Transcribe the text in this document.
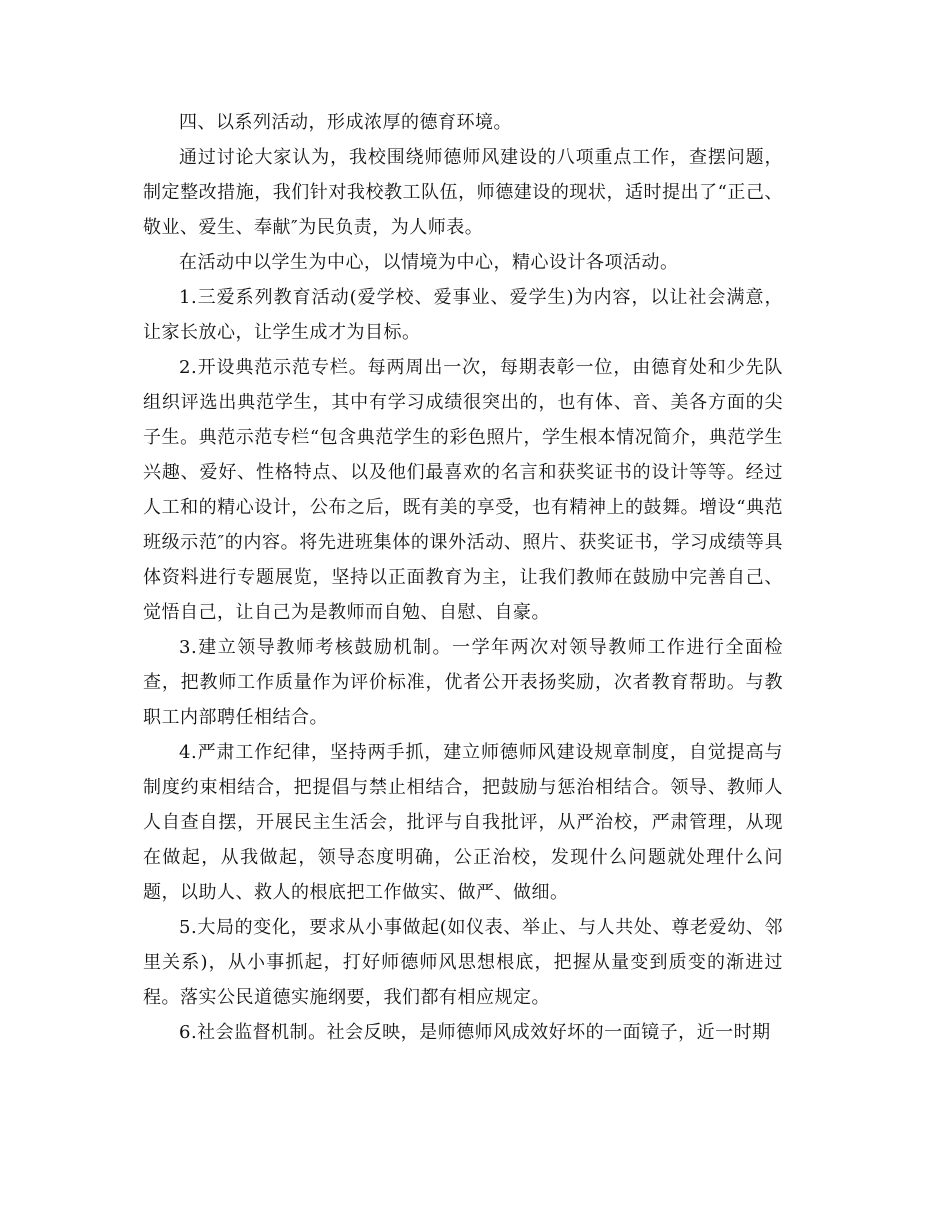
四、以系列活动，形成浓厚的德育环境。

通过讨论大家认为，我校围绕师德师风建设的八项重点工作，查摆问题，制定整改措施，我们针对我校教工队伍，师德建设的现状，适时提出了“正己、敬业、爱生、奉献″为民负责，为人师表。

在活动中以学生为中心，以情境为中心，精心设计各项活动。

1.三爱系列教育活动(爱学校、爱事业、爱学生)为内容，以让社会满意，让家长放心，让学生成才为目标。

2.开设典范示范专栏。每两周出一次，每期表彰一位，由德育处和少先队组织评选出典范学生，其中有学习成绩很突出的，也有体、音、美各方面的尖子生。典范示范专栏“包含典范学生的彩色照片，学生根本情况简介，典范学生兴趣、爱好、性格特点、以及他们最喜欢的名言和获奖证书的设计等等。经过人工和的精心设计，公布之后，既有美的享受，也有精神上的鼓舞。增设“典范班级示范″的内容。将先进班集体的课外活动、照片、获奖证书，学习成绩等具体资料进行专题展览，坚持以正面教育为主，让我们教师在鼓励中完善自己、觉悟自己，让自己为是教师而自勉、自慰、自豪。

3.建立领导教师考核鼓励机制。一学年两次对领导教师工作进行全面检查，把教师工作质量作为评价标准，优者公开表扬奖励，次者教育帮助。与教职工内部聘任相结合。

4.严肃工作纪律，坚持两手抓，建立师德师风建设规章制度，自觉提高与制度约束相结合，把提倡与禁止相结合，把鼓励与惩治相结合。领导、教师人人自查自摆，开展民主生活会，批评与自我批评，从严治校，严肃管理，从现在做起，从我做起，领导态度明确，公正治校，发现什么问题就处理什么问题，以助人、救人的根底把工作做实、做严、做细。

5.大局的变化，要求从小事做起(如仪表、举止、与人共处、尊老爱幼、邻里关系)，从小事抓起，打好师德师风思想根底，把握从量变到质变的渐进过程。落实公民道德实施纲要，我们都有相应规定。

6.社会监督机制。社会反映，是师德师风成效好坏的一面镜子，近一时期
